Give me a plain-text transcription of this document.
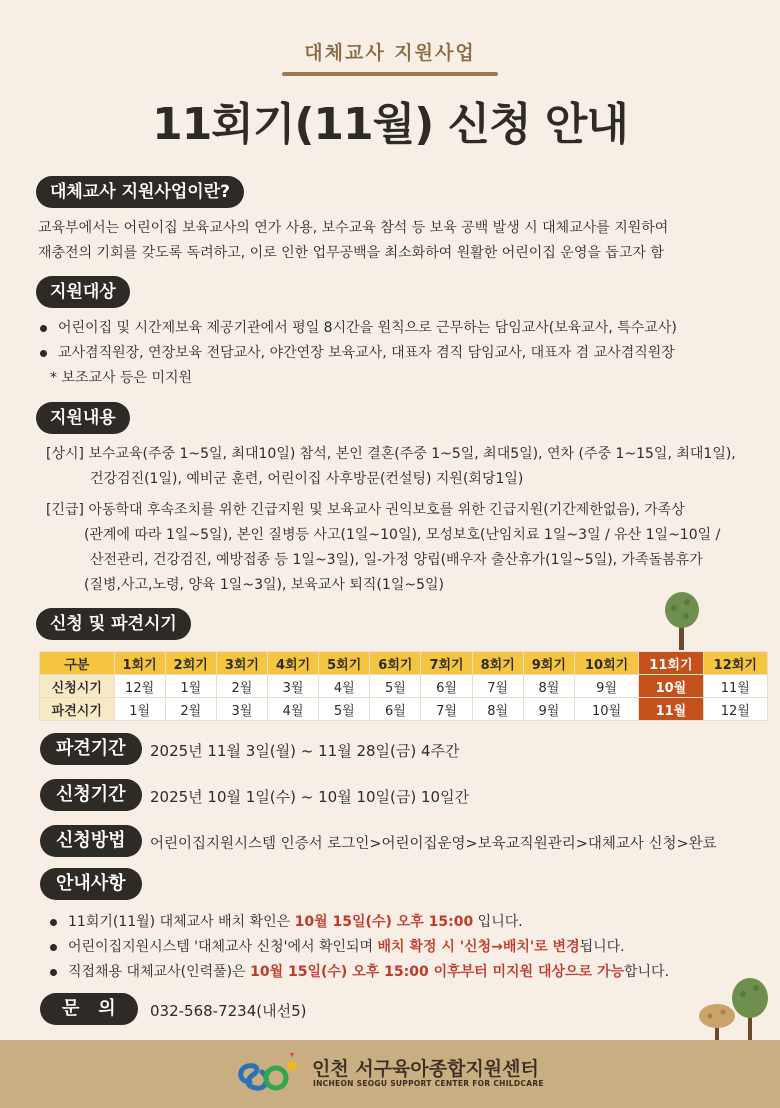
대체교사 지원사업
11회기(11월) 신청 안내
대체교사 지원사업이란?
교육부에서는 어린이집 보육교사의 연가 사용, 보수교육 참석 등 보육 공백 발생 시 대체교사를 지원하여
재충전의 기회를 갖도록 독려하고, 이로 인한 업무공백을 최소화하여 원활한 어린이집 운영을 돕고자 함
지원대상
어린이집 및 시간제보육 제공기관에서 평일 8시간을 원칙으로 근무하는 담임교사(보육교사, 특수교사)
교사겸직원장, 연장보육 전담교사, 야간연장 보육교사, 대표자 겸직 담임교사, 대표자 겸 교사겸직원장
* 보조교사 등은 미지원
지원내용
[상시] 보수교육(주중 1~5일, 최대10일) 참석, 본인 결혼(주중 1~5일, 최대5일), 연차 (주중 1~15일, 최대1일),
건강검진(1일), 예비군 훈련, 어린이집 사후방문(컨설팅) 지원(회당1일)
[긴급] 아동학대 후속조치를 위한 긴급지원 및 보육교사 권익보호를 위한 긴급지원(기간제한없음), 가족상
(관계에 따라 1일~5일), 본인 질병등 사고(1일~10일), 모성보호(난임치료 1일~3일 / 유산 1일~10일 /
산전관리, 건강검진, 예방접종 등 1일~3일), 일-가정 양립(배우자 출산휴가(1일~5일), 가족돌봄휴가
(질병,사고,노령, 양육 1일~3일), 보육교사 퇴직(1일~5일)
신청 및 파견시기
구분	1회기	2회기	3회기	4회기	5회기	6회기	7회기	8회기	9회기	10회기	11회기	12회기
신청시기	12월	1월	2월	3월	4월	5월	6월	7월	8월	9월	10월	11월
파견시기	1월	2월	3월	4월	5월	6월	7월	8월	9월	10월	11월	12월
파견기간	2025년 11월 3일(월) ~ 11월 28일(금) 4주간
신청기간	2025년 10월 1일(수) ~ 10월 10일(금) 10일간
신청방법	어린이집지원시스템 인증서 로그인>어린이집운영>보육교직원관리>대체교사 신청>완료
안내사항
11회기(11월) 대체교사 배치 확인은 10월 15일(수) 오후 15:00 입니다.
어린이집지원시스템 '대체교사 신청'에서 확인되며 배치 확정 시 '신청→배치'로 변경됩니다.
직접채용 대체교사(인력풀)은 10월 15일(수) 오후 15:00 이후부터 미지원 대상으로 가능합니다.
문   의	032-568-7234(내선5)
인천 서구육아종합지원센터
INCHEON SEOGU SUPPORT CENTER FOR CHILDCARE
